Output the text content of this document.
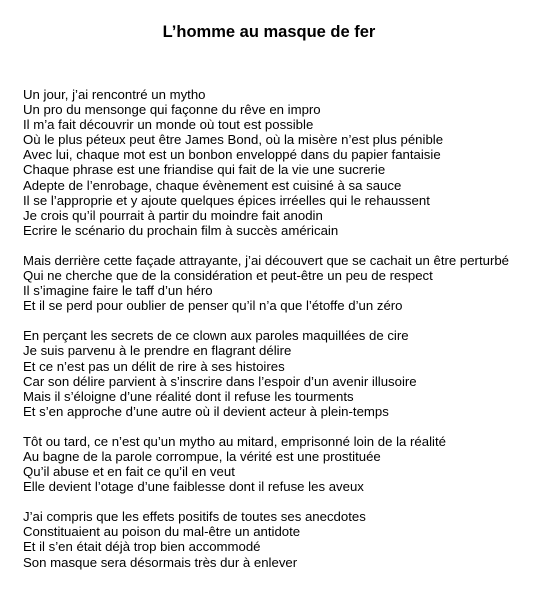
L’homme au masque de fer
Un jour, j’ai rencontré un mytho
Un pro du mensonge qui façonne du rêve en impro
Il m’a fait découvrir un monde où tout est possible
Où le plus péteux peut être James Bond, où la misère n’est plus pénible
Avec lui, chaque mot est un bonbon enveloppé dans du papier fantaisie
Chaque phrase est une friandise qui fait de la vie une sucrerie
Adepte de l’enrobage, chaque évènement est cuisiné à sa sauce
Il se l’approprie et y ajoute quelques épices irréelles qui le rehaussent
Je crois qu’il pourrait à partir du moindre fait anodin
Ecrire le scénario du prochain film à succès américain
Mais derrière cette façade attrayante, j’ai découvert que se cachait un être perturbé
Qui ne cherche que de la considération et peut-être un peu de respect
Il s’imagine faire le taff d’un héro
Et il se perd pour oublier de penser qu’il n’a que l’étoffe d’un zéro
En perçant les secrets de ce clown aux paroles maquillées de cire
Je suis parvenu à le prendre en flagrant délire
Et ce n’est pas un délit de rire à ses histoires
Car son délire parvient à s’inscrire dans l’espoir d’un avenir illusoire
Mais il s’éloigne d’une réalité dont il refuse les tourments
Et s’en approche d’une autre où il devient acteur à plein-temps
Tôt ou tard, ce n’est qu’un mytho au mitard, emprisonné loin de la réalité
Au bagne de la parole corrompue, la vérité est une prostituée
Qu’il abuse et en fait ce qu’il en veut
Elle devient l’otage d’une faiblesse dont il refuse les aveux
J’ai compris que les effets positifs de toutes ses anecdotes
Constituaient au poison du mal-être un antidote
Et il s’en était déjà trop bien accommodé
Son masque sera désormais très dur à enlever
